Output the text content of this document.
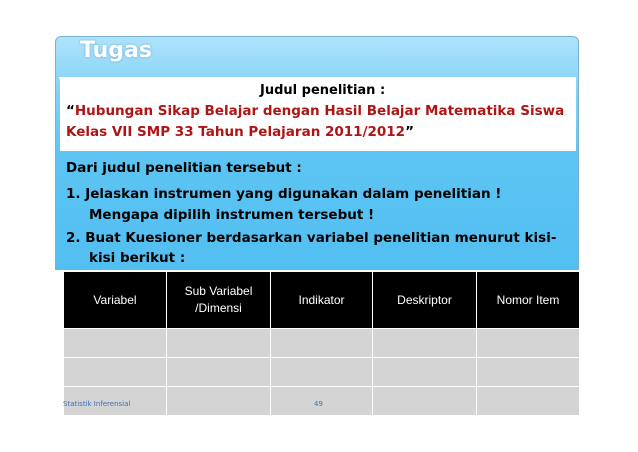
Tugas
Judul penelitian :
“Hubungan Sikap Belajar dengan Hasil Belajar Matematika Siswa
Kelas VII SMP 33 Tahun Pelajaran 2011/2012”
Dari judul penelitian tersebut :
1. Jelaskan instrumen yang digunakan dalam penelitian !
Mengapa dipilih instrumen tersebut !
2. Buat Kuesioner berdasarkan variabel penelitian menurut kisi-
kisi berikut :
Variabel	Sub Variabel /Dimensi	Indikator	Deskriptor	Nomor Item

Statistik Inferensial	49
